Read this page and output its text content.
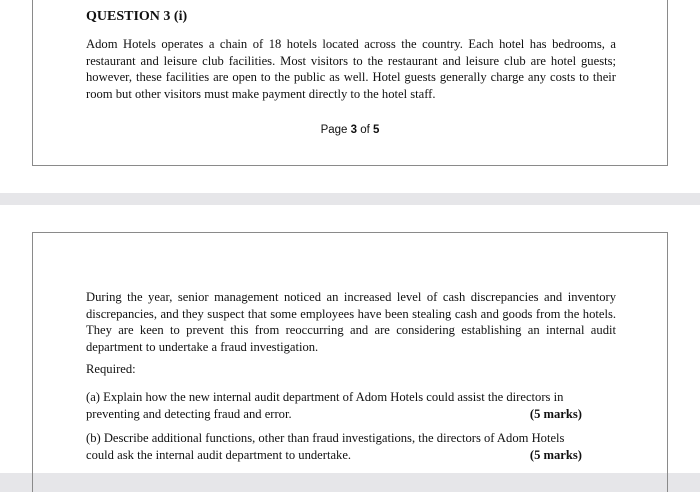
QUESTION 3 (i)

Adom Hotels operates a chain of 18 hotels located across the country. Each hotel has bedrooms, a restaurant and leisure club facilities. Most visitors to the restaurant and leisure club are hotel guests; however, these facilities are open to the public as well. Hotel guests generally charge any costs to their room but other visitors must make payment directly to the hotel staff.

Page 3 of 5

During the year, senior management noticed an increased level of cash discrepancies and inventory discrepancies, and they suspect that some employees have been stealing cash and goods from the hotels. They are keen to prevent this from reoccurring and are considering establishing an internal audit department to undertake a fraud investigation.

Required:
(a) Explain how the new internal audit department of Adom Hotels could assist the directors in
preventing and detecting fraud and error.	(5 marks)
(b) Describe additional functions, other than fraud investigations, the directors of Adom Hotels
could ask the internal audit department to undertake.	(5 marks)
